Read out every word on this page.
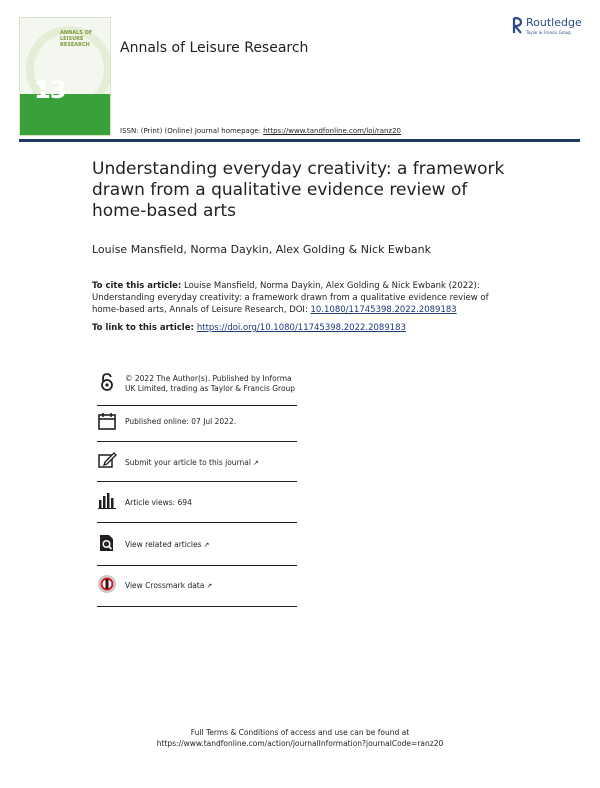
ANNALS OF LEISURE RESEARCH
13
Annals of Leisure Research
Routledge
Taylor & Francis Group
ISSN: (Print) (Online) Journal homepage: https://www.tandfonline.com/loi/ranz20
Understanding everyday creativity: a framework drawn from a qualitative evidence review of home-based arts
Louise Mansfield, Norma Daykin, Alex Golding & Nick Ewbank
To cite this article: Louise Mansfield, Norma Daykin, Alex Golding & Nick Ewbank (2022): Understanding everyday creativity: a framework drawn from a qualitative evidence review of home-based arts, Annals of Leisure Research, DOI: 10.1080/11745398.2022.2089183
To link to this article: https://doi.org/10.1080/11745398.2022.2089183
© 2022 The Author(s). Published by Informa UK Limited, trading as Taylor & Francis Group
Published online: 07 Jul 2022.
Submit your article to this journal ↗
Article views: 694
View related articles ↗
View Crossmark data ↗
Full Terms & Conditions of access and use can be found at
https://www.tandfonline.com/action/journalInformation?journalCode=ranz20
